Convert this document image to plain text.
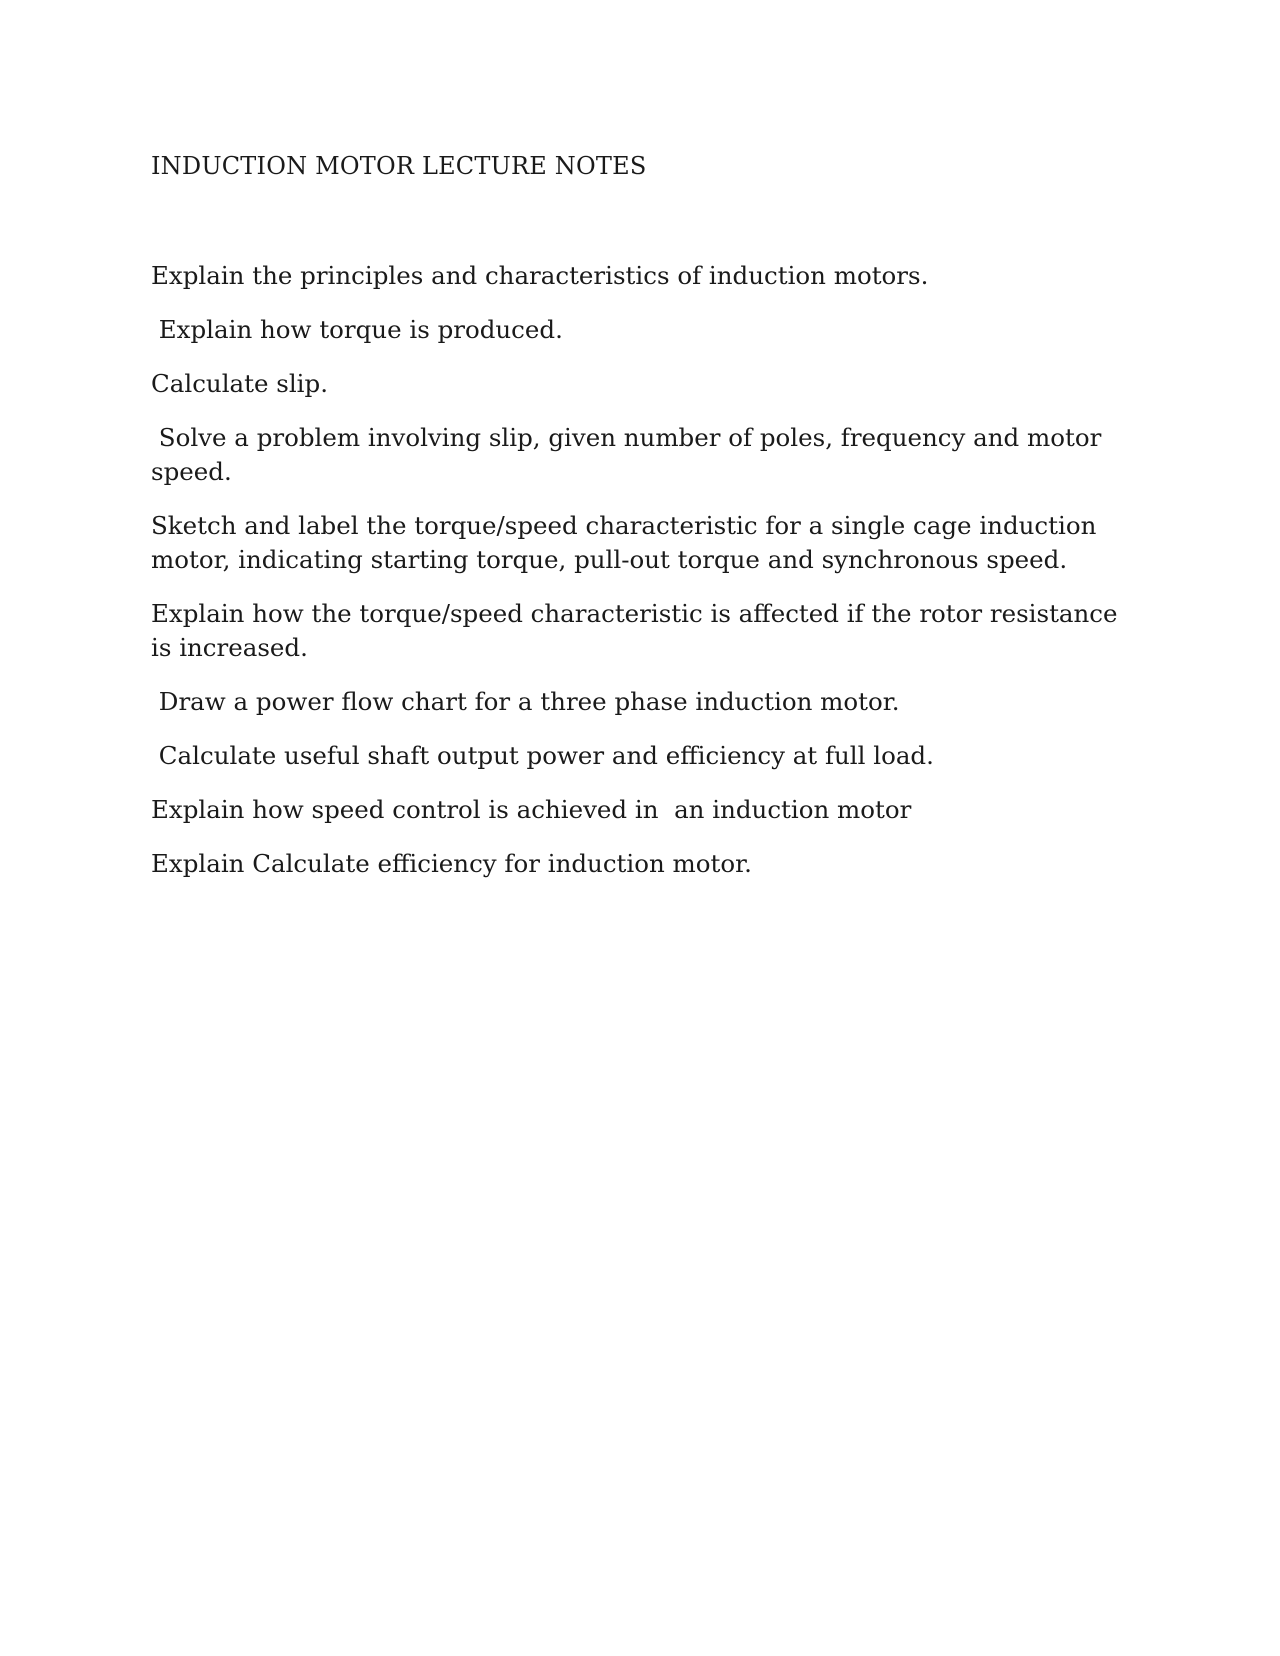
INDUCTION MOTOR LECTURE NOTES

Explain the principles and characteristics of induction motors.

Explain how torque is produced.

Calculate slip.

Solve a problem involving slip, given number of poles, frequency and motor speed.

Sketch and label the torque/speed characteristic for a single cage induction motor, indicating starting torque, pull-out torque and synchronous speed.

Explain how the torque/speed characteristic is affected if the rotor resistance is increased.

Draw a power flow chart for a three phase induction motor.

Calculate useful shaft output power and efficiency at full load.

Explain how speed control is achieved in  an induction motor

Explain Calculate efficiency for induction motor.
